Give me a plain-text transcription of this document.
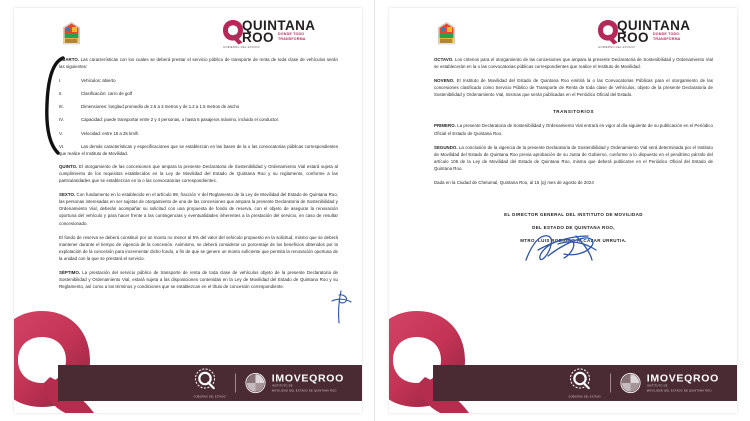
QUINTANA
ROO DONDE TODO TRANSFORMA
GOBIERNO DEL ESTADO

CUARTO. Las características con los cuales se deberá prestar el servicio público de transporte de renta de toda clase de vehículos serán las siguientes:

I.	Vehículos: abierto

II.	Clasificación: carro de golf

III.	Dimensiones: longitud promedio de 2.5 a 3 metros y de 1.2 a 1.5 metros de ancho

IV.	Capacidad: puede transportar entre 2 y 4 personas, o hasta 6 pasajeros máximo, incluido el conductor.

V.	Velocidad: entre 15 a 25 km/h

VI.	Las demás características y especificaciones que se establezcan en las bases de la o las convocatorias públicas correspondientes que realice el Instituto de Movilidad.

QUINTO. El otorgamiento de las concesiones que ampara la presente Declaratoria de Sostenibilidad y Ordenamiento Vial estará sujeta al cumplimiento de los requisitos establecidos en la Ley de Movilidad del Estado de Quintana Roo y su reglamento, conforme a las particularidades que se establezcan en la o las convocatorias correspondientes.

SEXTO. Con fundamento en lo establecido en el artículo 89, fracción V del Reglamento de la Ley de Movilidad del Estado de Quintana Roo, las personas interesadas en ser sujetas de otorgamiento de una de las concesiones que ampara la presente Declaratoria de Sostenibilidad y Ordenamiento Vial, deberán acompañar su solicitud con una propuesta de fondo de reserva, con el objeto de asegurar la renovación oportuna del vehículo y para hacer frente a las contingencias y eventualidades inherentes a la prestación del servicio, en caso de resultar concesionado.

El fondo de reserva se deberá constituir por un monto no menor al 5% del valor del vehículo propuesto en la solicitud, mismo que se deberá mantener durante el tiempo de vigencia de la concesión. Asimismo, se deberá considerar un porcentaje de los beneficios obtenidos por la explotación de la concesión para incrementar dicho fondo, a fin de que se genere un monto suficiente que permita la renovación oportuna de la unidad con la que se prestará el servicio.

SÉPTIMO. La prestación del servicio público de transporte de renta de toda clase de vehículos objeto de la presente Declaratoria de Sostenibilidad y Ordenamiento Vial, estará sujeta a las disposiciones contenidas en la Ley de Movilidad del Estado de Quintana Roo y su Reglamento, así como a los términos y condiciones que se establezcan en el título de concesión correspondiente.

GOBIERNO DEL ESTADO
IMOVEQROO
INSTITUTO DE
MOVILIDAD DEL ESTADO DE QUINTANA ROO
QUINTANA
ROO DONDE TODO TRANSFORMA
GOBIERNO DEL ESTADO

OCTAVO. Los criterios para el otorgamiento de las concesiones que ampara la presente Declaratoria de Sostenibilidad y Ordenamiento Vial se establecerán en la o las convocatorias públicas correspondientes que realice el Instituto de Movilidad.

NOVENO. El Instituto de Movilidad del Estado de Quintana Roo emitirá la o las Convocatorias Públicas para el otorgamiento de las concesiones clasificado como Servicio Público de Transporte de Renta de toda clase de Vehículos, objeto de la presente Declaratoria de Sostenibilidad y Ordenamiento Vial, mismas que serán publicadas en el Periódico Oficial del Estado.

TRANSITORIOS

PRIMERO. La presente Declaratoria de Sostenibilidad y Ordenamiento Vial entrará en vigor al día siguiente de su publicación en el Periódico Oficial el Estado de Quintana Roo.

SEGUNDO. La conclusión de la vigencia de la presente Declaratoria de Sostenibilidad y Ordenamiento Vial será determinada por el Instituto de Movilidad del Estado de Quintana Roo previa aprobación de su Junta de Gobierno, conforme a lo dispuesto en el penúltimo párrafo del artículo 106 de la Ley de Movilidad del Estado de Quintana Roo, misma que deberá publicarse en el Periódico Oficial del Estado de Quintana Roo.

Dada en la Ciudad de Chetumal, Quintana Roo, al 15 (q) mes de agosto de 2024

EL DIRECTOR GENERAL DEL INSTITUTO DE MOVILIDAD
DEL ESTADO DE QUINTANA ROO,
MTRO. LUIS RODRIGO ALCAZAR URRUTIA.
GOBIERNO DEL ESTADO
IMOVEQROO
INSTITUTO DE
MOVILIDAD DEL ESTADO DE QUINTANA ROO
